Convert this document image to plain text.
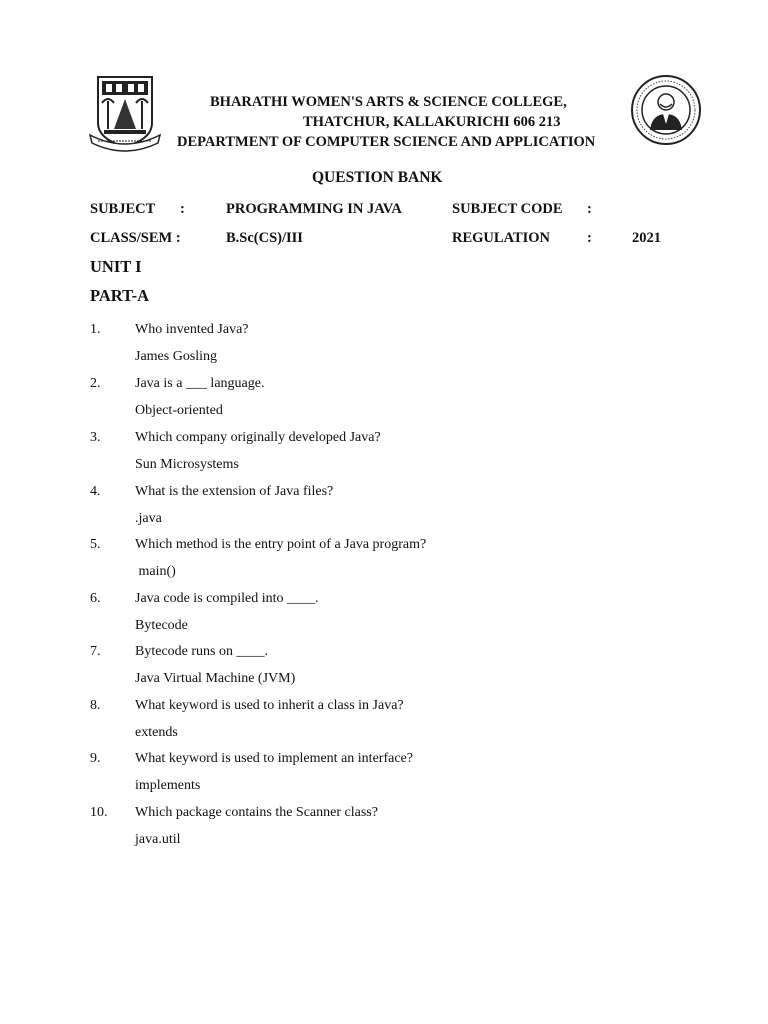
BHARATHI WOMEN'S ARTS & SCIENCE COLLEGE,
THATCHUR, KALLAKURICHI 606 213
DEPARTMENT OF COMPUTER SCIENCE AND APPLICATION
QUESTION BANK
SUBJECT :	PROGRAMMING IN JAVA	SUBJECT CODE :
CLASS/SEM :	B.Sc(CS)/III	REGULATION	:	2021
UNIT I
PART-A
1. Who invented Java?
James Gosling
2. Java is a ___ language.
Object-oriented
3. Which company originally developed Java?
Sun Microsystems
4. What is the extension of Java files?
.java
5. Which method is the entry point of a Java program?
main()
6. Java code is compiled into ____.
Bytecode
7. Bytecode runs on ____.
Java Virtual Machine (JVM)
8. What keyword is used to inherit a class in Java?
extends
9. What keyword is used to implement an interface?
implements
10. Which package contains the Scanner class?
java.util
